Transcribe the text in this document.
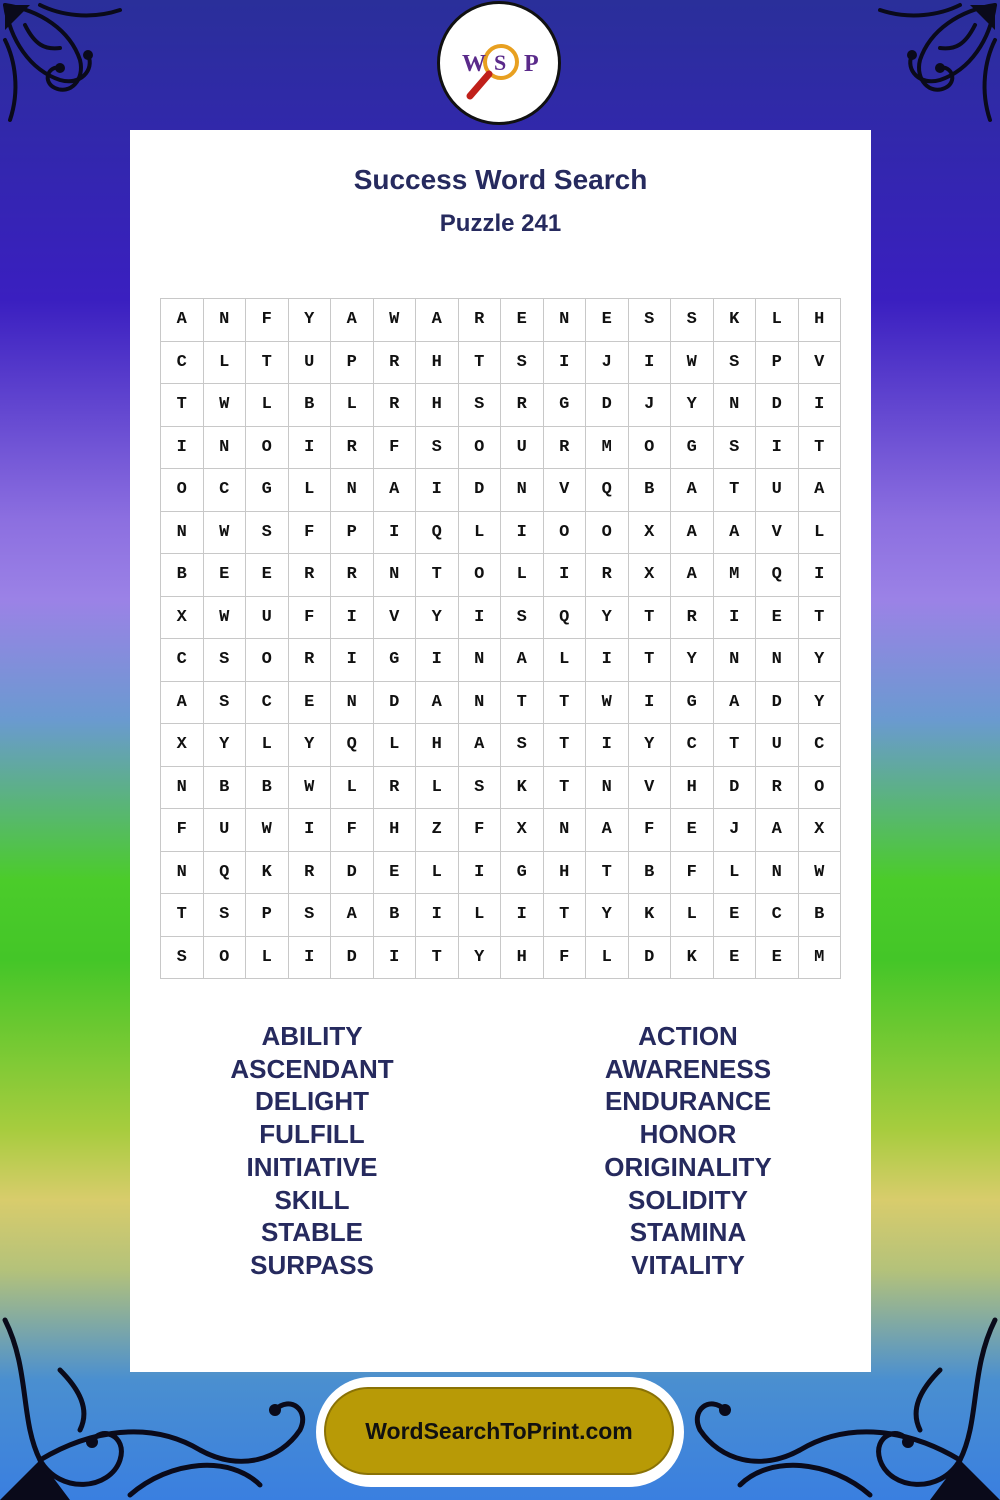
W S P
Success Word Search
Puzzle 241
A	N	F	Y	A	W	A	R	E	N	E	S	S	K	L	H
C	L	T	U	P	R	H	T	S	I	J	I	W	S	P	V
T	W	L	B	L	R	H	S	R	G	D	J	Y	N	D	I
I	N	O	I	R	F	S	O	U	R	M	O	G	S	I	T
O	C	G	L	N	A	I	D	N	V	Q	B	A	T	U	A
N	W	S	F	P	I	Q	L	I	O	O	X	A	A	V	L
B	E	E	R	R	N	T	O	L	I	R	X	A	M	Q	I
X	W	U	F	I	V	Y	I	S	Q	Y	T	R	I	E	T
C	S	O	R	I	G	I	N	A	L	I	T	Y	N	N	Y
A	S	C	E	N	D	A	N	T	T	W	I	G	A	D	Y
X	Y	L	Y	Q	L	H	A	S	T	I	Y	C	T	U	C
N	B	B	W	L	R	L	S	K	T	N	V	H	D	R	O
F	U	W	I	F	H	Z	F	X	N	A	F	E	J	A	X
N	Q	K	R	D	E	L	I	G	H	T	B	F	L	N	W
T	S	P	S	A	B	I	L	I	T	Y	K	L	E	C	B
S	O	L	I	D	I	T	Y	H	F	L	D	K	E	E	M
ABILITY
ASCENDANT
DELIGHT
FULFILL
INITIATIVE
SKILL
STABLE
SURPASS
ACTION
AWARENESS
ENDURANCE
HONOR
ORIGINALITY
SOLIDITY
STAMINA
VITALITY
WordSearchToPrint.com
